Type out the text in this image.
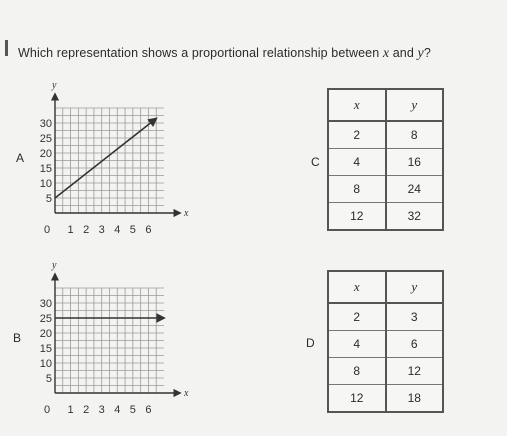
Which representation shows a proportional relationship between x and y?
A
y
x
5
10
15
20
25
30
1 2 3 4 5 6
0
B
y
x
5
10
15
20
25
30
1 2 3 4 5 6
0
C
x	y
2	8
4	16
8	24
12	32
D
x	y
2	3
4	6
8	12
12	18
